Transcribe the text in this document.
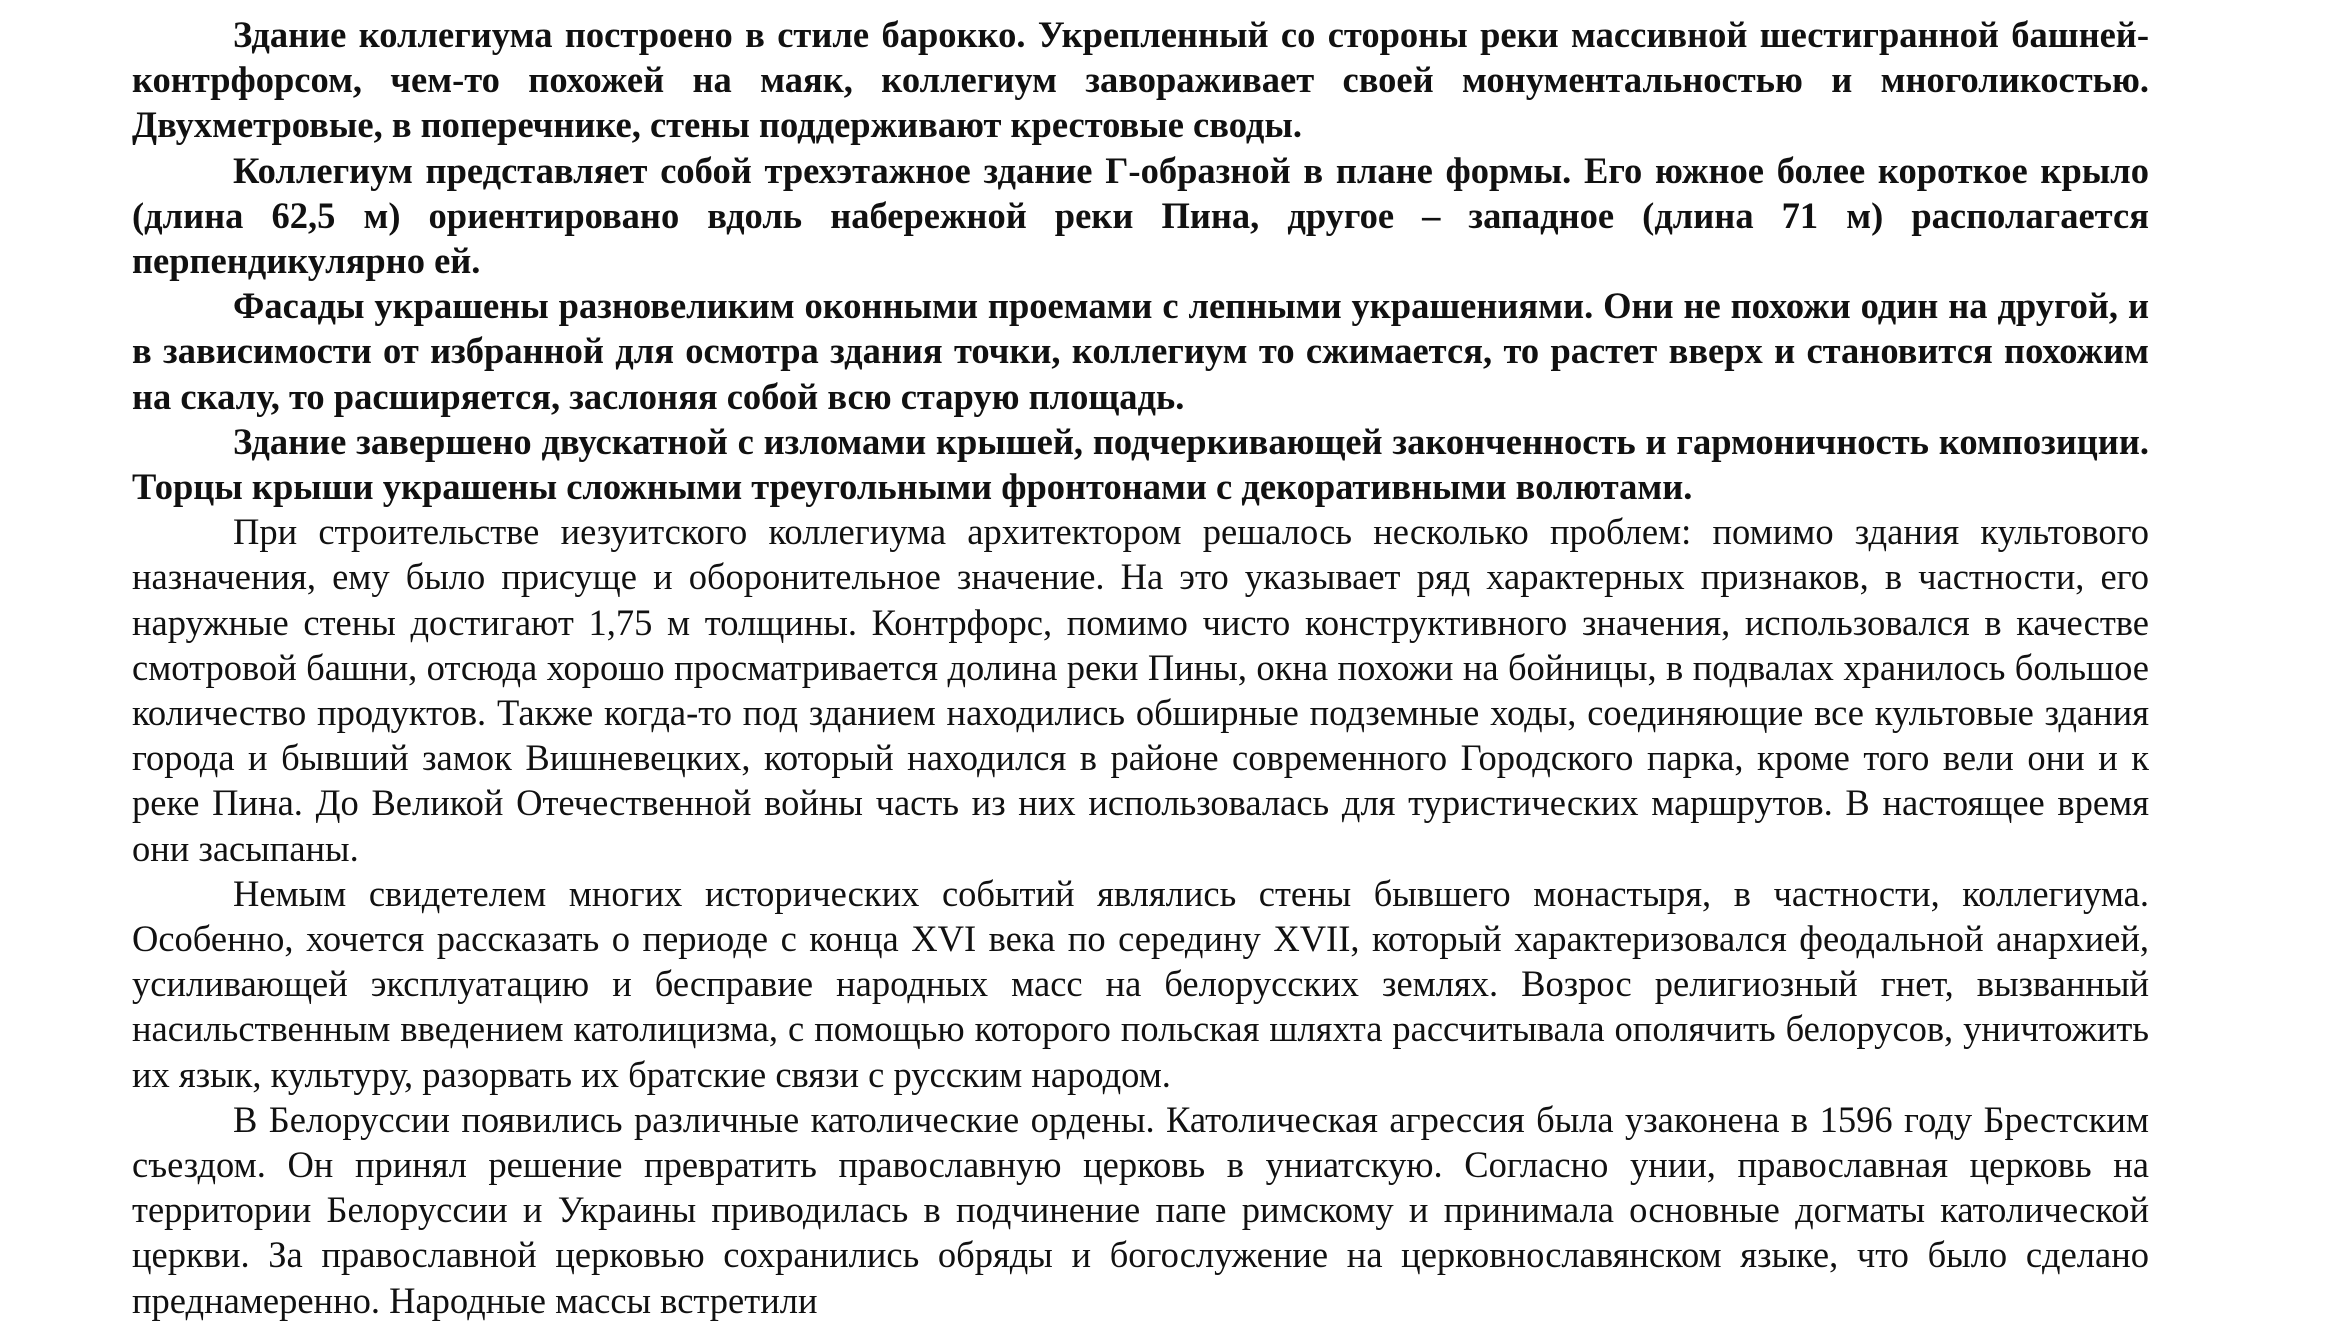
Здание коллегиума построено в стиле барокко. Укрепленный со стороны реки массивной шестигранной башней-контрфорсом, чем-то похожей на маяк, коллегиум завораживает своей монументальностью и многоликостью. Двухметровые, в поперечнике, стены поддерживают крестовые своды.

Коллегиум представляет собой трехэтажное здание Г-образной в плане формы. Его южное более короткое крыло (длина 62,5 м) ориентировано вдоль набережной реки Пина, другое – западное (длина 71 м) располагается перпендикулярно ей.

Фасады украшены разновеликим оконными проемами с лепными украшениями. Они не похожи один на другой, и в зависимости от избранной для осмотра здания точки, коллегиум то сжимается, то растет вверх и становится похожим на скалу, то расширяется, заслоняя собой всю старую площадь.

Здание завершено двускатной с изломами крышей, подчеркивающей законченность и гармоничность композиции. Торцы крыши украшены сложными треугольными фронтонами с декоративными волютами.

При строительстве иезуитского коллегиума архитектором решалось несколько проблем: помимо здания культового назначения, ему было присуще и оборонительное значение. На это указывает ряд характерных признаков, в частности, его наружные стены достигают 1,75 м толщины. Контрфорс, помимо чисто конструктивного значения, использовался в качестве смотровой башни, отсюда хорошо просматривается долина реки Пины, окна похожи на бойницы, в подвалах хранилось большое количество продуктов. Также когда-то под зданием находились обширные подземные ходы, соединяющие все культовые здания города и бывший замок Вишневецких, который находился в районе современного Городского парка, кроме того вели они и к реке Пина. До Великой Отечественной войны часть из них использовалась для туристических маршрутов. В настоящее время они засыпаны.

Немым свидетелем многих исторических событий являлись стены бывшего монастыря, в частности, коллегиума. Особенно, хочется рассказать о периоде с конца XVI века по середину XVII, который характеризовался феодальной анархией, усиливающей эксплуатацию и бесправие народных масс на белорусских землях. Возрос религиозный гнет, вызванный насильственным введением католицизма, с помощью которого польская шляхта рассчитывала ополячить белорусов, уничтожить их язык, культуру, разорвать их братские связи с русским народом.

В Белоруссии появились различные католические ордены. Католическая агрессия была узаконена в 1596 году Брестским съездом. Он принял решение превратить православную церковь в униатскую. Согласно унии, православная церковь на территории Белоруссии и Украины приводилась в подчинение папе римскому и принимала основные догматы католической церкви. За православной церковью сохранились обряды и богослужение на церковнославянском языке, что было сделано преднамеренно. Народные массы встретили
